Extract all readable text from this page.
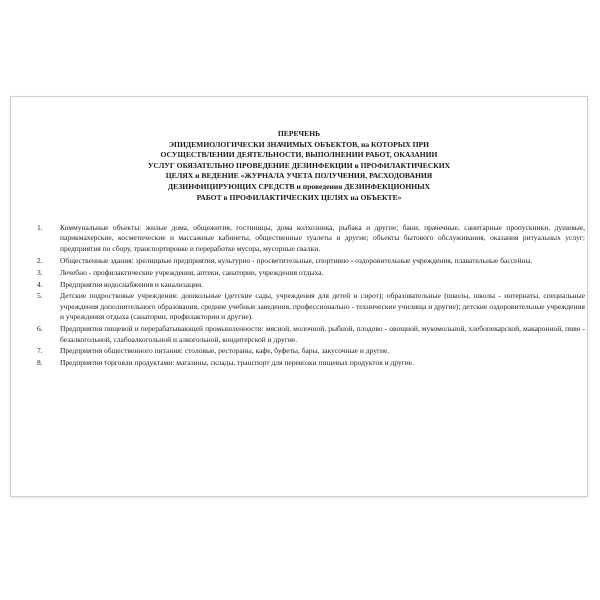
ПЕРЕЧЕНЬ
ЭПИДЕМИОЛОГИЧЕСКИ ЗНАЧИМЫХ ОБЪЕКТОВ, на КОТОРЫХ ПРИ
ОСУЩЕСТВЛЕНИИ ДЕЯТЕЛЬНОСТИ, ВЫПОЛНЕНИИ РАБОТ, ОКАЗАНИИ
УСЛУГ ОБЯЗАТЕЛЬНО ПРОВЕДЕНИЕ ДЕЗИНФЕКЦИИ в ПРОФИЛАКТИЧЕСКИХ
ЦЕЛЯХ и ВЕДЕНИЕ «ЖУРНАЛА УЧЕТА ПОЛУЧЕНИЯ, РАСХОДОВАНИЯ
ДЕЗИНФИЦИРУЮЩИХ СРЕДСТВ и проведения ДЕЗИНФЕКЦИОННЫХ
РАБОТ в ПРОФИЛАКТИЧЕСКИХ ЦЕЛЯХ на ОБЪЕКТЕ»
1. Коммунальные объекты: жилые дома, общежития, гостиницы, дома колхозника, рыбака и другие; бани, прачечные, санитарные пропускники, душевые, парикмахерские, косметические и массажные кабинеты, общественные туалеты и другие; объекты бытового обслуживания, оказания ритуальных услуг; предприятия по сбору, транспортировке и переработке мусора, мусорные свалки.
2. Общественные здания: зрелищные предприятия, культурно - просветительные, спортивно - оздоровительные учреждения, плавательные бассейны.
3. Лечебно - профилактические учреждения, аптеки, санатории, учреждения отдыха.
4. Предприятия водоснабжения и канализации.
5. Детские подростковые учреждения: дошкольные (детские сады, учреждения для детей и сирот); образовательные (школы, школы - интернаты, специальные учреждения дополнительного образования, средние учебные заведения, профессионально - технические училища и другие); детские оздоровительные учреждения и учреждения отдыха (санатории, профилактории и другие).
6. Предприятия пищевой и перерабатывающей промышленности: мясной, молочной, рыбной, плодово - овощной, мукомольной, хлебопекарской, макаронной, пиво - безалкогольной, слабоалкогольной и алкогольной, кондитерской и другие.
7. Предприятия общественного питания: столовые, рестораны, кафе, буфеты, бары, закусочные и другие.
8. Предприятия торговли продуктами: магазины, склады, транспорт для перевозки пищевых продуктов и другие.
